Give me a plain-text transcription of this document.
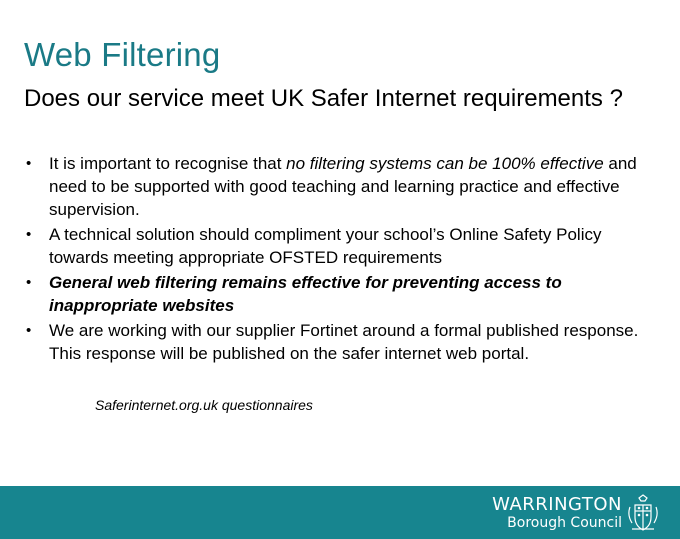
Web Filtering
Does our service meet UK Safer Internet requirements ?
• It is important to recognise that no filtering systems can be 100% effective and need to be supported with good teaching and learning practice and effective supervision.
• A technical solution should compliment your school’s Online Safety Policy towards meeting appropriate OFSTED requirements
• General web filtering remains effective for preventing access to inappropriate websites
• We are working with our supplier Fortinet around a formal published response. This response will be published on the safer internet web portal.
Saferinternet.org.uk questionnaires
WARRINGTON
Borough Council
